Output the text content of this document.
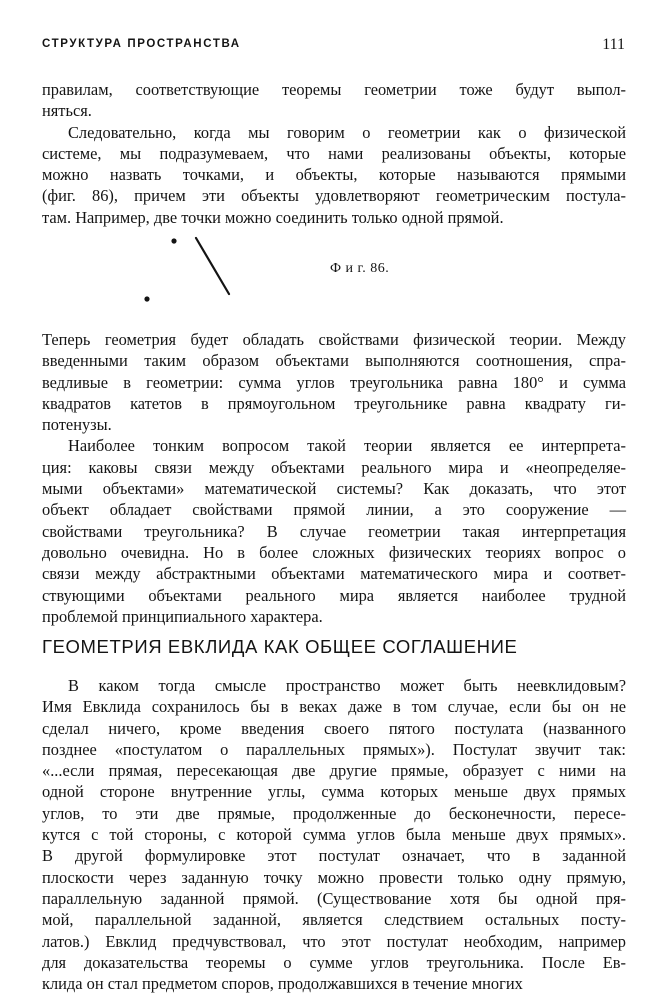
СТРУКТУРА ПРОСТРАНСТВА	111
правилам, соответствующие теоремы геометрии тоже будут выпол-
няться.
Следовательно, когда мы говорим о геометрии как о физической
системе, мы подразумеваем, что нами реализованы объекты, которые
можно назвать точками, и объекты, которые называются прямыми
(фиг. 86), причем эти объекты удовлетворяют геометрическим постула-
там. Например, две точки можно соединить только одной прямой.
Ф и г. 86.
Теперь геометрия будет обладать свойствами физической теории. Между
введенными таким образом объектами выполняются соотношения, спра-
ведливые в геометрии: сумма углов треугольника равна 180° и сумма
квадратов катетов в прямоугольном треугольнике равна квадрату ги-
потенузы.
Наиболее тонким вопросом такой теории является ее интерпрета-
ция: каковы связи между объектами реального мира и «неопределяе-
мыми объектами» математической системы? Как доказать, что этот
объект обладает свойствами прямой линии, а это сооружение —
свойствами треугольника? В случае геометрии такая интерпретация
довольно очевидна. Но в более сложных физических теориях вопрос о
связи между абстрактными объектами математического мира и соответ-
ствующими объектами реального мира является наиболее трудной
проблемой принципиального характера.
ГЕОМЕТРИЯ ЕВКЛИДА КАК ОБЩЕЕ СОГЛАШЕНИЕ
В каком тогда смысле пространство может быть неевклидовым?
Имя Евклида сохранилось бы в веках даже в том случае, если бы он не
сделал ничего, кроме введения своего пятого постулата (названного
позднее «постулатом о параллельных прямых»). Постулат звучит так:
«...если прямая, пересекающая две другие прямые, образует с ними на
одной стороне внутренние углы, сумма которых меньше двух прямых
углов, то эти две прямые, продолженные до бесконечности, пересе-
кутся с той стороны, с которой сумма углов была меньше двух прямых».
В другой формулировке этот постулат означает, что в заданной
плоскости через заданную точку можно провести только одну прямую,
параллельную заданной прямой. (Существование хотя бы одной пря-
мой, параллельной заданной, является следствием остальных посту-
латов.) Евклид предчувствовал, что этот постулат необходим, например
для доказательства теоремы о сумме углов треугольника. После Ев-
клида он стал предметом споров, продолжавшихся в течение многих
